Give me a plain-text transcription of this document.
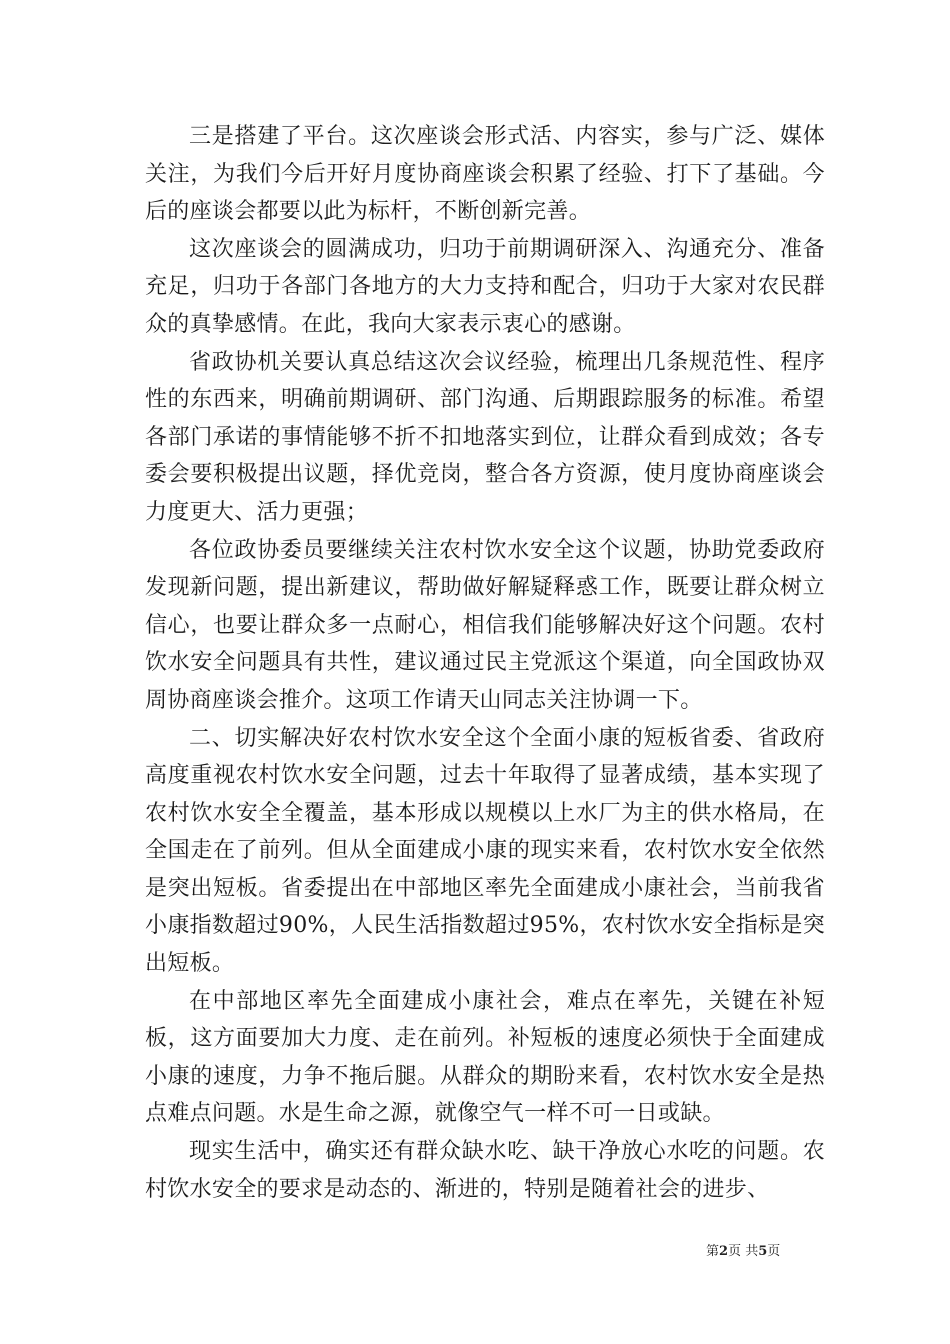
三是搭建了平台。这次座谈会形式活、内容实，参与广泛、媒体关注，为我们今后开好月度协商座谈会积累了经验、打下了基础。今后的座谈会都要以此为标杆，不断创新完善。

这次座谈会的圆满成功，归功于前期调研深入、沟通充分、准备充足，归功于各部门各地方的大力支持和配合，归功于大家对农民群众的真挚感情。在此，我向大家表示衷心的感谢。

省政协机关要认真总结这次会议经验，梳理出几条规范性、程序性的东西来，明确前期调研、部门沟通、后期跟踪服务的标准。希望各部门承诺的事情能够不折不扣地落实到位，让群众看到成效；各专委会要积极提出议题，择优竞岗，整合各方资源，使月度协商座谈会力度更大、活力更强；

各位政协委员要继续关注农村饮水安全这个议题，协助党委政府发现新问题，提出新建议，帮助做好解疑释惑工作，既要让群众树立信心，也要让群众多一点耐心，相信我们能够解决好这个问题。农村饮水安全问题具有共性，建议通过民主党派这个渠道，向全国政协双周协商座谈会推介。这项工作请天山同志关注协调一下。

二、切实解决好农村饮水安全这个全面小康的短板省委、省政府高度重视农村饮水安全问题，过去十年取得了显著成绩，基本实现了农村饮水安全全覆盖，基本形成以规模以上水厂为主的供水格局，在全国走在了前列。但从全面建成小康的现实来看，农村饮水安全依然是突出短板。省委提出在中部地区率先全面建成小康社会，当前我省小康指数超过90%，人民生活指数超过95%，农村饮水安全指标是突出短板。

在中部地区率先全面建成小康社会，难点在率先，关键在补短板，这方面要加大力度、走在前列。补短板的速度必须快于全面建成小康的速度，力争不拖后腿。从群众的期盼来看，农村饮水安全是热点难点问题。水是生命之源，就像空气一样不可一日或缺。

现实生活中，确实还有群众缺水吃、缺干净放心水吃的问题。农村饮水安全的要求是动态的、渐进的，特别是随着社会的进步、

第2页 共5页
